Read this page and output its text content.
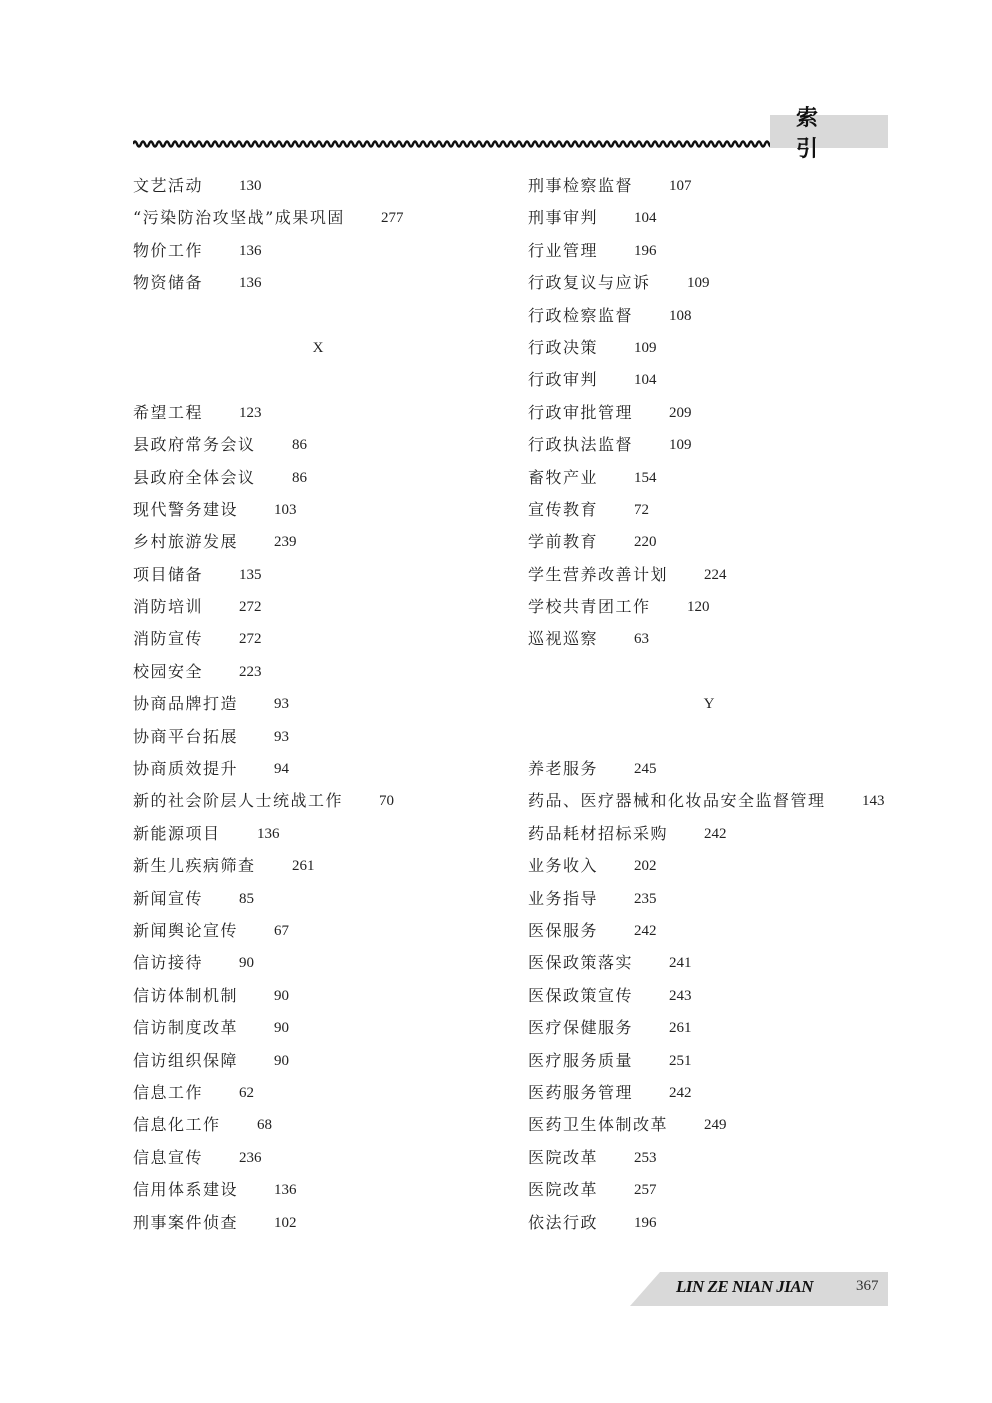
索 引
文艺活动 130
“污染防治攻坚战”成果巩固 277
物价工作 136
物资储备 136
X
希望工程 123
县政府常务会议 86
县政府全体会议 86
现代警务建设 103
乡村旅游发展 239
项目储备 135
消防培训 272
消防宣传 272
校园安全 223
协商品牌打造 93
协商平台拓展 93
协商质效提升 94
新的社会阶层人士统战工作 70
新能源项目 136
新生儿疾病筛查 261
新闻宣传 85
新闻舆论宣传 67
信访接待 90
信访体制机制 90
信访制度改革 90
信访组织保障 90
信息工作 62
信息化工作 68
信息宣传 236
信用体系建设 136
刑事案件侦查 102
刑事检察监督 107
刑事审判 104
行业管理 196
行政复议与应诉 109
行政检察监督 108
行政决策 109
行政审判 104
行政审批管理 209
行政执法监督 109
畜牧产业 154
宣传教育 72
学前教育 220
学生营养改善计划 224
学校共青团工作 120
巡视巡察 63
Y
养老服务 245
药品、医疗器械和化妆品安全监督管理 143
药品耗材招标采购 242
业务收入 202
业务指导 235
医保服务 242
医保政策落实 241
医保政策宣传 243
医疗保健服务 261
医疗服务质量 251
医药服务管理 242
医药卫生体制改革 249
医院改革 253
医院改革 257
依法行政 196
LIN ZE NIAN JIAN	367
